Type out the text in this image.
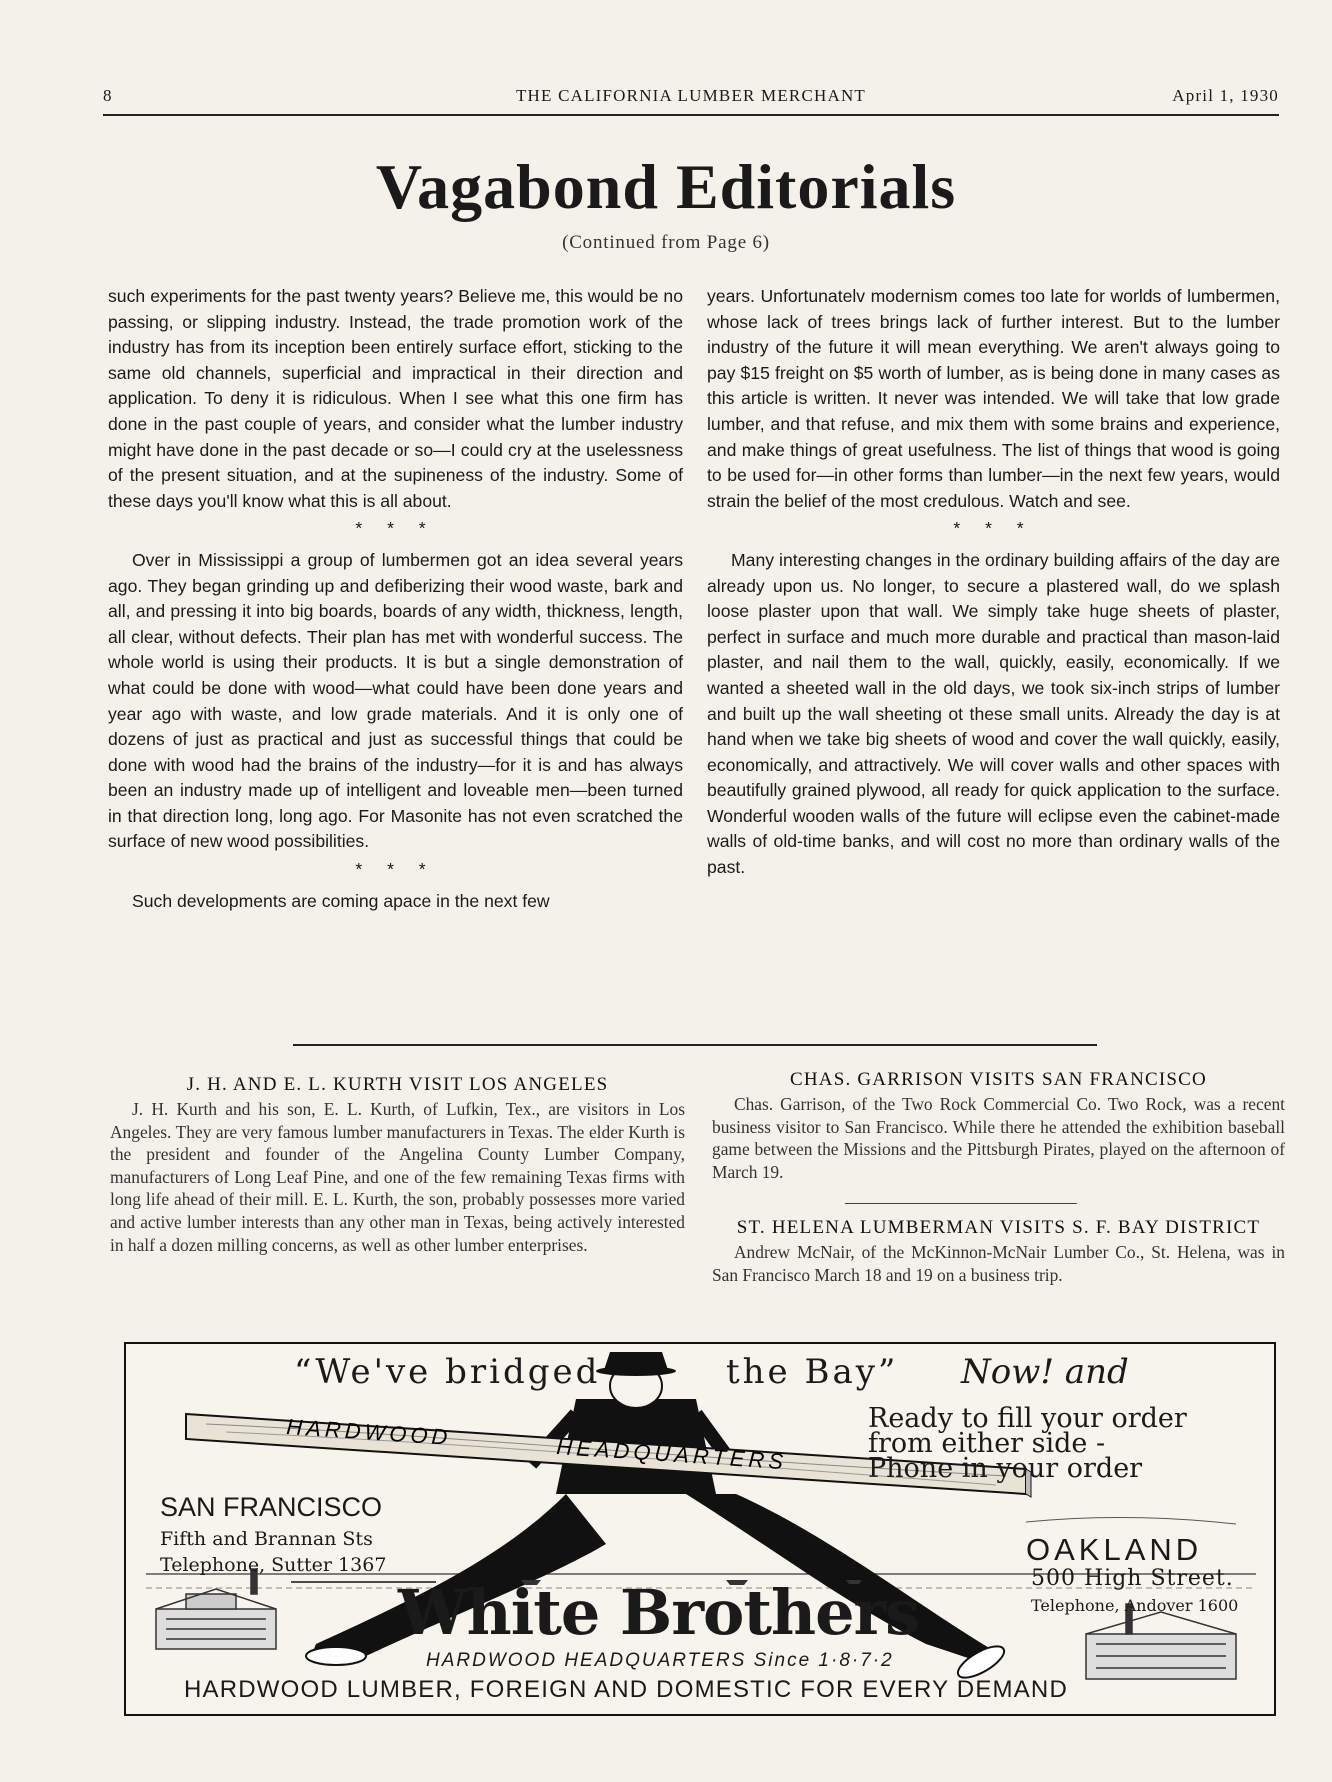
8	THE CALIFORNIA LUMBER MERCHANT	April 1, 1930
Vagabond Editorials
(Continued from Page 6)

such experiments for the past twenty years? Believe me, this would be no passing, or slipping industry. Instead, the trade promotion work of the industry has from its inception been entirely surface effort, sticking to the same old channels, superficial and impractical in their direction and application. To deny it is ridiculous. When I see what this one firm has done in the past couple of years, and consider what the lumber industry might have done in the past decade or so—I could cry at the uselessness of the present situation, and at the supineness of the industry. Some of these days you'll know what this is all about.

* * *

Over in Mississippi a group of lumbermen got an idea several years ago. They began grinding up and defiberizing their wood waste, bark and all, and pressing it into big boards, boards of any width, thickness, length, all clear, without defects. Their plan has met with wonderful success. The whole world is using their products. It is but a single demonstration of what could be done with wood—what could have been done years and year ago with waste, and low grade materials. And it is only one of dozens of just as practical and just as successful things that could be done with wood had the brains of the industry—for it is and has always been an industry made up of intelligent and loveable men—been turned in that direction long, long ago. For Masonite has not even scratched the surface of new wood possibilities.

* * *

Such developments are coming apace in the next few

years. Unfortunatelv modernism comes too late for worlds of lumbermen, whose lack of trees brings lack of further interest. But to the lumber industry of the future it will mean everything. We aren't always going to pay $15 freight on $5 worth of lumber, as is being done in many cases as this article is written. It never was intended. We will take that low grade lumber, and that refuse, and mix them with some brains and experience, and make things of great usefulness. The list of things that wood is going to be used for—in other forms than lumber—in the next few years, would strain the belief of the most credulous. Watch and see.

* * *

Many interesting changes in the ordinary building affairs of the day are already upon us. No longer, to secure a plastered wall, do we splash loose plaster upon that wall. We simply take huge sheets of plaster, perfect in surface and much more durable and practical than mason-laid plaster, and nail them to the wall, quickly, easily, economically. If we wanted a sheeted wall in the old days, we took six-inch strips of lumber and built up the wall sheeting ot these small units. Already the day is at hand when we take big sheets of wood and cover the wall quickly, easily, economically, and attractively. We will cover walls and other spaces with beautifully grained plywood, all ready for quick application to the surface. Wonderful wooden walls of the future will eclipse even the cabinet-made walls of old-time banks, and will cost no more than ordinary walls of the past.

J. H. AND E. L. KURTH VISIT LOS ANGELES

J. H. Kurth and his son, E. L. Kurth, of Lufkin, Tex., are visitors in Los Angeles. They are very famous lumber manufacturers in Texas. The elder Kurth is the president and founder of the Angelina County Lumber Company, manufacturers of Long Leaf Pine, and one of the few remaining Texas firms with long life ahead of their mill. E. L. Kurth, the son, probably possesses more varied and active lumber interests than any other man in Texas, being actively interested in half a dozen milling concerns, as well as other lumber enterprises.

CHAS. GARRISON VISITS SAN FRANCISCO

Chas. Garrison, of the Two Rock Commercial Co. Two Rock, was a recent business visitor to San Francisco. While there he attended the exhibition baseball game between the Missions and the Pittsburgh Pirates, played on the afternoon of March 19.

ST. HELENA LUMBERMAN VISITS S. F. BAY DISTRICT

Andrew McNair, of the McKinnon-McNair Lumber Co., St. Helena, was in San Francisco March 18 and 19 on a business trip.

HARDWOOD
HEADQUARTERS
“We've bridged	the Bay” Now! and
Ready to fill your order
from either side -
Phone in your order
SAN FRANCISCO
Fifth and Brannan Sts
Telephone, Sutter 1367	OAKLAND
500 High Street.
Telephone, Andover 1600
White Brothers
HARDWOOD HEADQUARTERS Since 1·8·7·2
HARDWOOD LUMBER, FOREIGN AND DOMESTIC FOR EVERY DEMAND
